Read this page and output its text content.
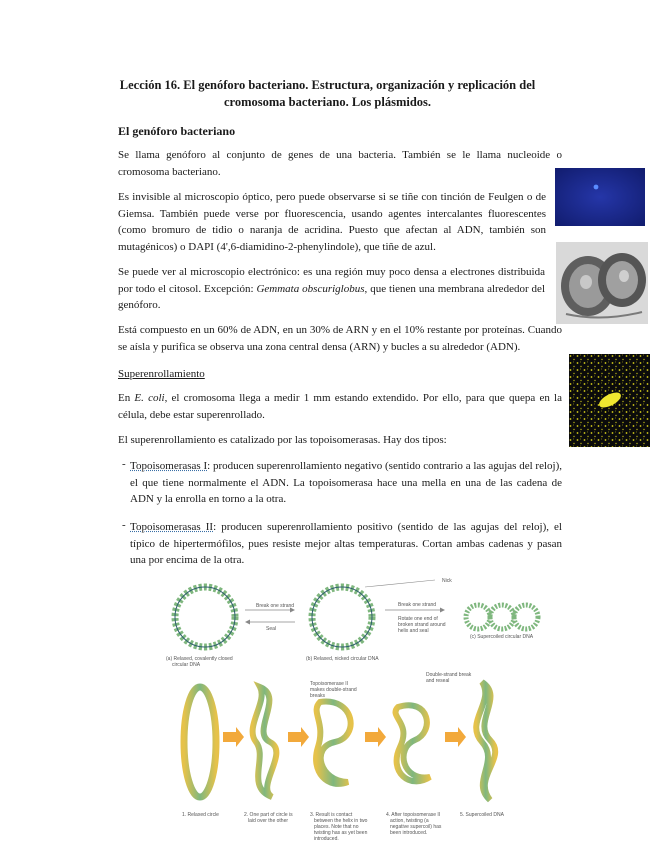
Lección 16. El genóforo bacteriano. Estructura, organización y replicación del
cromosoma bacteriano. Los plásmidos.
El genóforo bacteriano
Se llama genóforo al conjunto de genes de una bacteria. También se le llama nucleoide o cromosoma bacteriano.
Es invisible al microscopio óptico, pero puede observarse si se tiñe con tinción de Feulgen o de Giemsa. También puede verse por fluorescencia, usando agentes intercalantes fluorescentes (como bromuro de tidio o naranja de acridina. Puesto que afectan al ADN, también son mutagénicos) o DAPI (4',6-diamidino-2-phenylindole), que tiñe de azul.
Se puede ver al microscopio electrónico: es una región muy poco densa a electrones distribuida por todo el citosol. Excepción: Gemmata obscuriglobus, que tienen una membrana alrededor del genóforo.
Está compuesto en un 60% de ADN, en un 30% de ARN y en el 10% restante por proteínas. Cuando se aísla y purifica se observa una zona central densa (ARN) y bucles a su alrededor (ADN).
Superenrollamiento
En E. coli, el cromosoma llega a medir 1 mm estando extendido. Por ello, para que quepa en la célula, debe estar superenrollado.
El superenrollamiento es catalizado por las topoisomerasas. Hay dos tipos:
- Topoisomerasas I: producen superenrollamiento negativo (sentido contrario a las agujas del reloj), el que tiene normalmente el ADN. La topoisomerasa hace una mella en una de las cadena de ADN y la enrolla en torno a la otra.
- Topoisomerasas II: producen superenrollamiento positivo (sentido de las agujas del reloj), el típico de hipertermófilos, pues resiste mejor altas temperaturas. Cortan ambas cadenas y pasan una por encima de la otra.
Break one strand
Seal
Nick
Break one strand
Rotate one end of
broken strand around
helix and seal
(a) Relaxed, covalently closed
circular DNA
(b) Relaxed, nicked circular DNA
(c) Supercoiled circular DNA
Topoisomerase II
makes double-strand
breaks
Double-strand break
and reseal
1. Relaxed circle	2. One part of circle is
laid over the other
3. Result is contact
between the helix in two
places. Note that no
twisting has as yet been
introduced.
4. After topoisomerase II
action, twisting (a
negative supercoil) has
been introduced.
5. Supercoiled DNA
